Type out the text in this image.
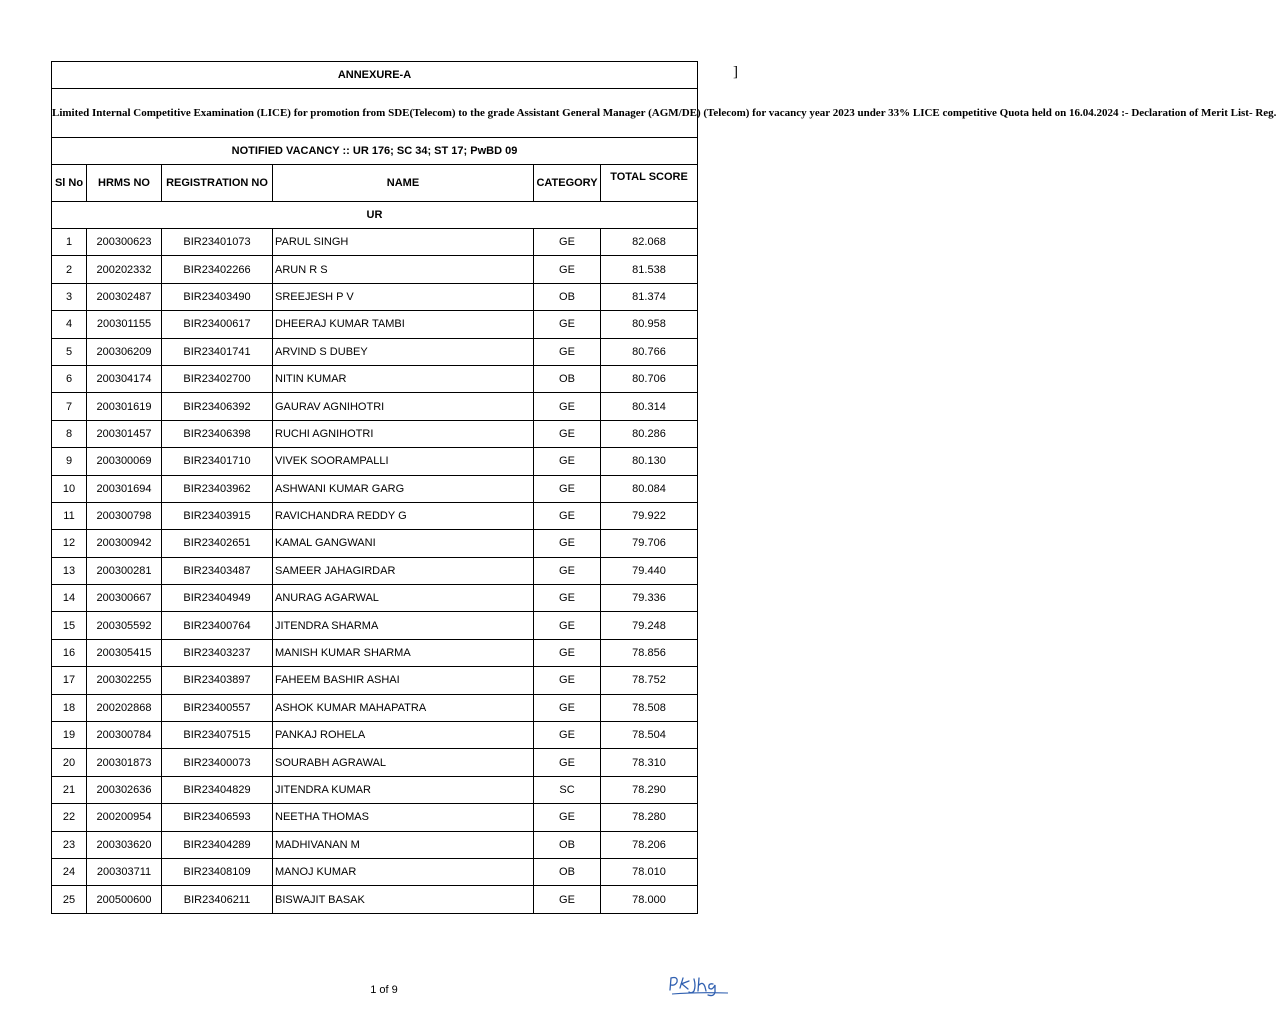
]
ANNEXURE-A					
Limited Internal Competitive Examination (LICE) for promotion from SDE(Telecom) to the grade Assistant General Manager (AGM/DE) (Telecom) for vacancy year 2023 under 33% LICE competitive Quota held on 16.04.2024 :- Declaration of Merit List- Reg.					
NOTIFIED VACANCY :: UR 176; SC 34; ST 17; PwBD 09					
Sl No	HRMS NO	REGISTRATION NO	NAME	CATEGORY	TOTAL SCORE
UR					
1	200300623	BIR23401073	PARUL SINGH	GE	82.068
2	200202332	BIR23402266	ARUN R S	GE	81.538
3	200302487	BIR23403490	SREEJESH P V	OB	81.374
4	200301155	BIR23400617	DHEERAJ KUMAR TAMBI	GE	80.958
5	200306209	BIR23401741	ARVIND S DUBEY	GE	80.766
6	200304174	BIR23402700	NITIN KUMAR	OB	80.706
7	200301619	BIR23406392	GAURAV AGNIHOTRI	GE	80.314
8	200301457	BIR23406398	RUCHI AGNIHOTRI	GE	80.286
9	200300069	BIR23401710	VIVEK SOORAMPALLI	GE	80.130
10	200301694	BIR23403962	ASHWANI KUMAR GARG	GE	80.084
11	200300798	BIR23403915	RAVICHANDRA REDDY G	GE	79.922
12	200300942	BIR23402651	KAMAL GANGWANI	GE	79.706
13	200300281	BIR23403487	SAMEER JAHAGIRDAR	GE	79.440
14	200300667	BIR23404949	ANURAG AGARWAL	GE	79.336
15	200305592	BIR23400764	JITENDRA SHARMA	GE	79.248
16	200305415	BIR23403237	MANISH KUMAR SHARMA	GE	78.856
17	200302255	BIR23403897	FAHEEM BASHIR ASHAI	GE	78.752
18	200202868	BIR23400557	ASHOK KUMAR MAHAPATRA	GE	78.508
19	200300784	BIR23407515	PANKAJ ROHELA	GE	78.504
20	200301873	BIR23400073	SOURABH AGRAWAL	GE	78.310
21	200302636	BIR23404829	JITENDRA KUMAR	SC	78.290
22	200200954	BIR23406593	NEETHA THOMAS	GE	78.280
23	200303620	BIR23404289	MADHIVANAN M	OB	78.206
24	200303711	BIR23408109	MANOJ KUMAR	OB	78.010
25	200500600	BIR23406211	BISWAJIT BASAK	GE	78.000
1 of 9
